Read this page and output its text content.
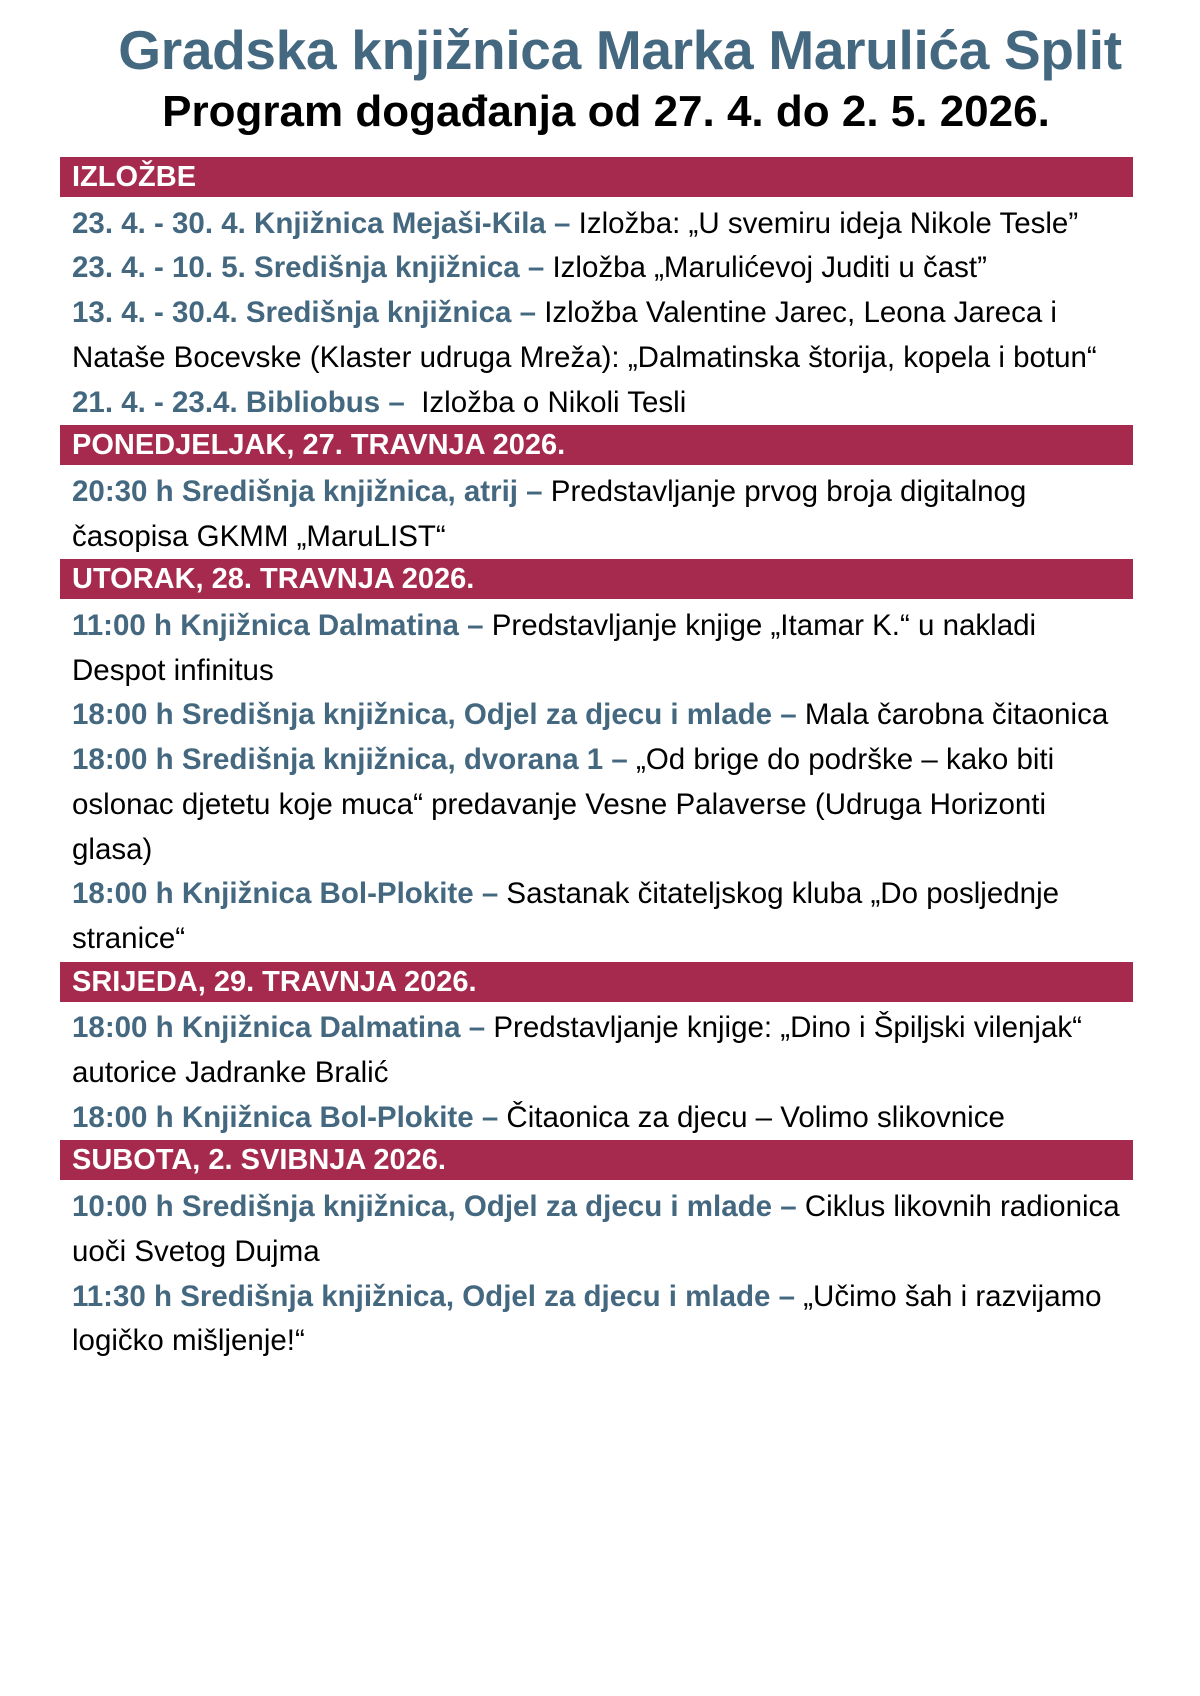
Gradska knjižnica Marka Marulića Split
Program događanja od 27. 4. do 2. 5. 2026.
IZLOŽBE
23. 4. - 30. 4. Knjižnica Mejaši-Kila – Izložba: „U svemiru ideja Nikole Tesle”
23. 4. - 10. 5. Središnja knjižnica – Izložba „Marulićevoj Juditi u čast”
13. 4. - 30.4. Središnja knjižnica – Izložba Valentine Jarec, Leona Jareca i Nataše Bocevske (Klaster udruga Mreža): „Dalmatinska štorija, kopela i botun“
21. 4. - 23.4. Bibliobus –  Izložba o Nikoli Tesli
PONEDJELJAK, 27. TRAVNJA 2026.
20:30 h Središnja knjižnica, atrij – Predstavljanje prvog broja digitalnog časopisa GKMM „MaruLIST“
UTORAK, 28. TRAVNJA 2026.
11:00 h Knjižnica Dalmatina – Predstavljanje knjige „Itamar K.“ u nakladi Despot infinitus
18:00 h Središnja knjižnica, Odjel za djecu i mlade – Mala čarobna čitaonica
18:00 h Središnja knjižnica, dvorana 1 – „Od brige do podrške – kako biti oslonac djetetu koje muca“ predavanje Vesne Palaverse (Udruga Horizonti glasa)
18:00 h Knjižnica Bol-Plokite – Sastanak čitateljskog kluba „Do posljednje stranice“
SRIJEDA, 29. TRAVNJA 2026.
18:00 h Knjižnica Dalmatina – Predstavljanje knjige: „Dino i Špiljski vilenjak“ autorice Jadranke Bralić
18:00 h Knjižnica Bol-Plokite – Čitaonica za djecu – Volimo slikovnice
SUBOTA, 2. SVIBNJA 2026.
10:00 h Središnja knjižnica, Odjel za djecu i mlade – Ciklus likovnih radionica uoči Svetog Dujma
11:30 h Središnja knjižnica, Odjel za djecu i mlade – „Učimo šah i razvijamo logičko mišljenje!“
